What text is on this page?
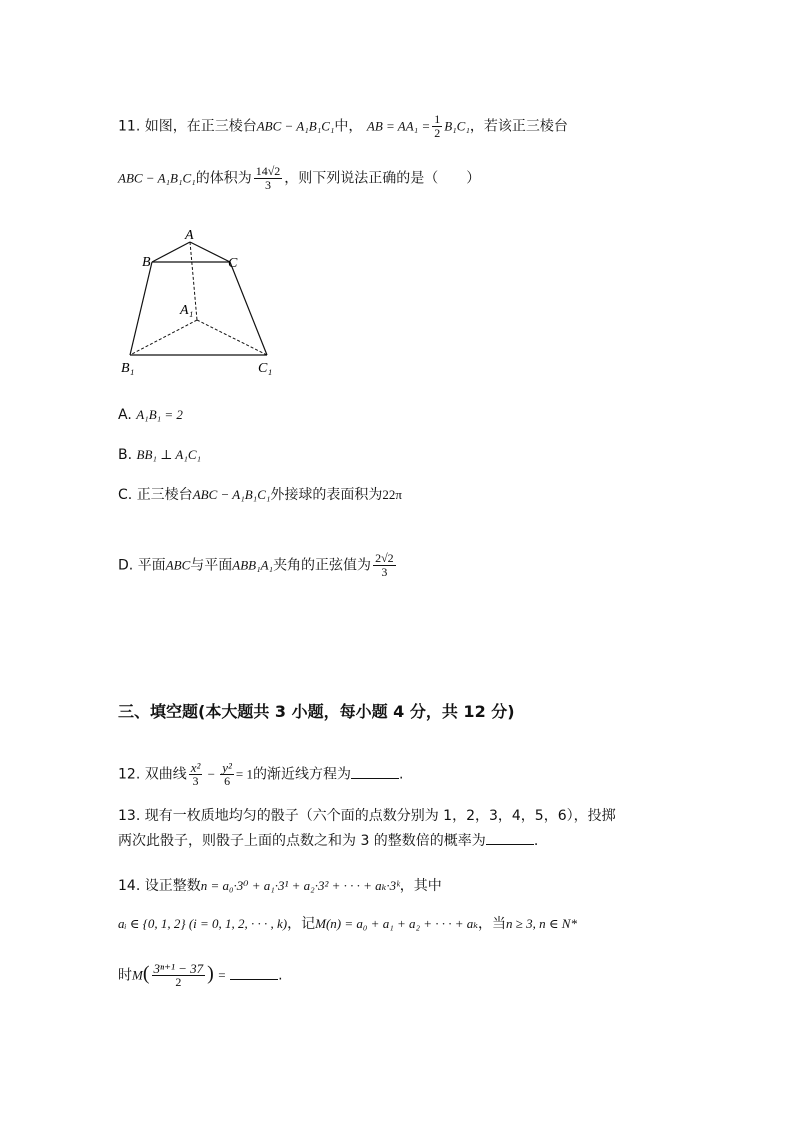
11. 如图，在正三棱台ABC − A₁B₁C₁中， AB = $AA_1 = \frac{1}{2} B_1C_1$，若该正三棱台
ABC − A₁B₁C₁的体积为 $\frac{14√2}{3}$ ，则下列说法正确的是（　　）
A
B	C
A₁
B₁	C₁
A. A₁B₁ = 2
B. BB₁ ⊥ A₁C₁
C. 正三棱台ABC − A₁B₁C₁外接球的表面积为22π
D. 平面ABC与平面ABB₁A₁夹角的正弦值为 $\frac{2√2}{3}$
三、填空题(本大题共 3 小题，每小题 4 分，共 12 分)
12. 双曲线 $\frac{\text{x²}}{3} - \frac{\text{y²}}{6} = 1$的渐近线方程为	.
13. 现有一枚质地均匀的骰子（六个面的点数分别为 1，2，3，4，5，6），投掷
两次此骰子，则骰子上面的点数之和为 3 的整数倍的概率为	.
14. 设正整数n = a₀·3⁰ + a₁·3¹ + a₂·3² + · · · + aₖ·3ᵏ，其中
aᵢ ∈ {0, 1, 2} (i = 0, 1, 2, · · · , k)，记M(n) = a₀ + a₁ + a₂ + · · · + aₖ，当n ≥ 3, n ∈ N*
时$M( \frac{\text{3ⁿ⁺¹ − 37}}{2}$ ) =	.
